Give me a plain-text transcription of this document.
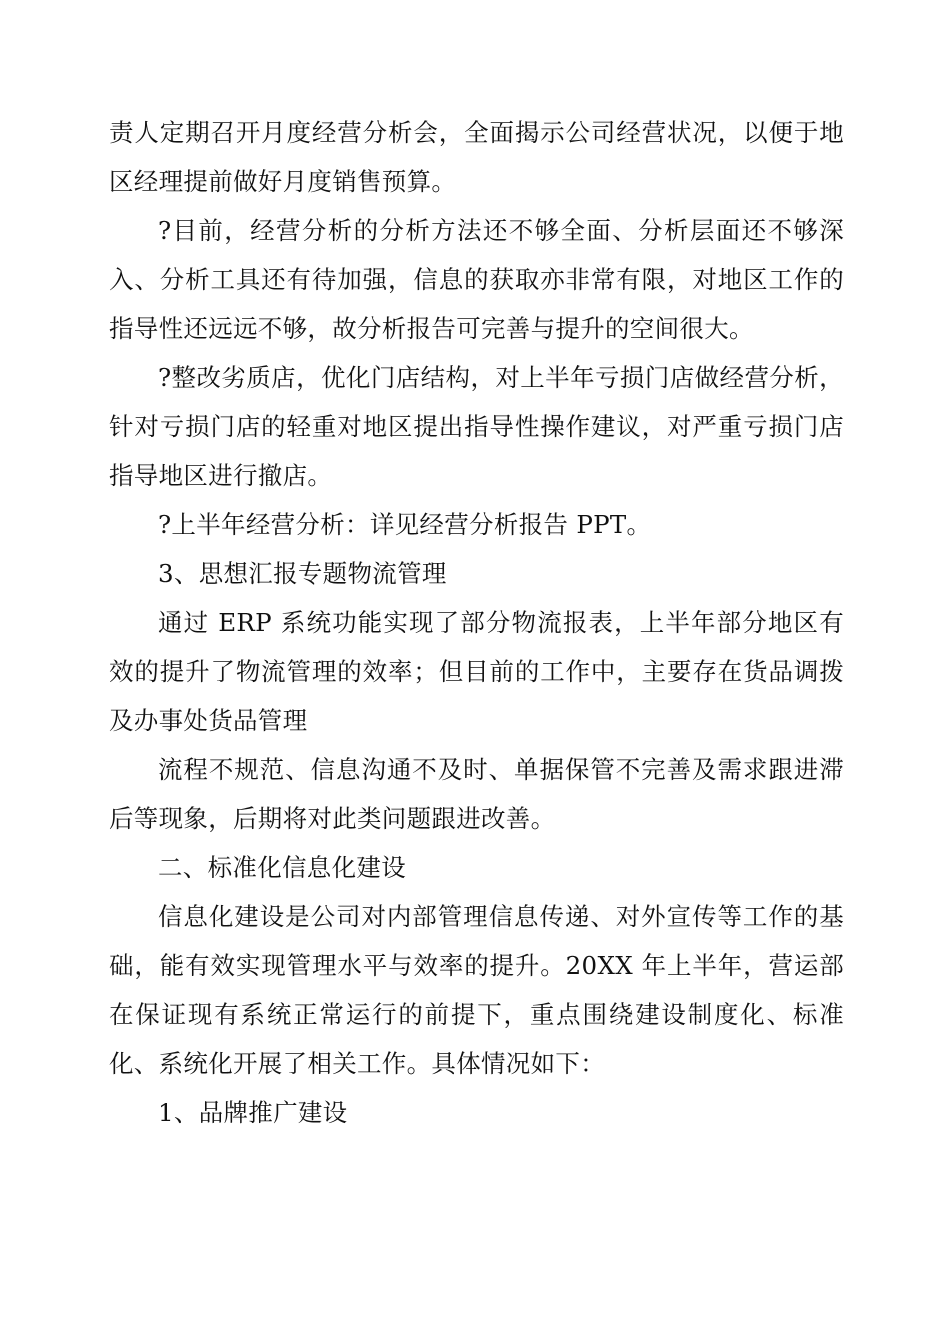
责人定期召开月度经营分析会，全面揭示公司经营状况，以便于地区经理提前做好月度销售预算。

?目前，经营分析的分析方法还不够全面、分析层面还不够深入、分析工具还有待加强，信息的获取亦非常有限，对地区工作的指导性还远远不够，故分析报告可完善与提升的空间很大。

?整改劣质店，优化门店结构，对上半年亏损门店做经营分析，针对亏损门店的轻重对地区提出指导性操作建议，对严重亏损门店指导地区进行撤店。

?上半年经营分析：详见经营分析报告 PPT。

3、思想汇报专题物流管理

通过 ERP 系统功能实现了部分物流报表，上半年部分地区有效的提升了物流管理的效率；但目前的工作中，主要存在货品调拨及办事处货品管理

流程不规范、信息沟通不及时、单据保管不完善及需求跟进滞后等现象，后期将对此类问题跟进改善。

二、标准化信息化建设

信息化建设是公司对内部管理信息传递、对外宣传等工作的基础，能有效实现管理水平与效率的提升。20XX 年上半年，营运部在保证现有系统正常运行的前提下，重点围绕建设制度化、标准化、系统化开展了相关工作。具体情况如下：

1、品牌推广建设
